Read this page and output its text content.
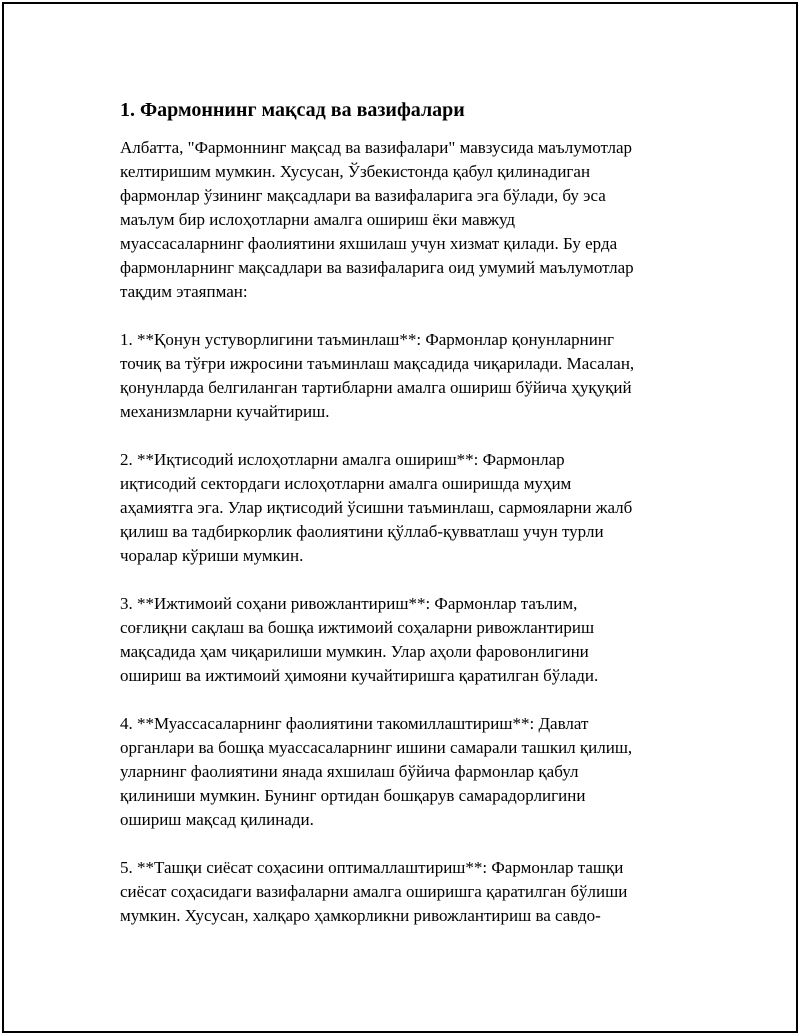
1. Фармоннинг мақсад ва вазифалари
Албатта, "Фармоннинг мақсад ва вазифалари" мавзусида маълумотлар
келтиришим мумкин. Хусусан, Ўзбекистонда қабул қилинадиган
фармонлар ўзининг мақсадлари ва вазифаларига эга бўлади, бу эса
маълум бир ислоҳотларни амалга ошириш ёки мавжуд
муассасаларнинг фаолиятини яхшилаш учун хизмат қилади. Бу ерда
фармонларнинг мақсадлари ва вазифаларига оид умумий маълумотлар
тақдим этаяпман:
1. **Қонун устуворлигини таъминлаш**: Фармонлар қонунларнинг
точиқ ва тўғри ижросини таъминлаш мақсадида чиқарилади. Масалан,
қонунларда белгиланган тартибларни амалга ошириш бўйича ҳуқуқий
механизмларни кучайтириш.
2. **Иқтисодий ислоҳотларни амалга ошириш**: Фармонлар
иқтисодий сектордаги ислоҳотларни амалга оширишда муҳим
аҳамиятга эга. Улар иқтисодий ўсишни таъминлаш, сармояларни жалб
қилиш ва тадбиркорлик фаолиятини қўллаб-қувватлаш учун турли
чоралар кўриши мумкин.
3. **Ижтимоий соҳани ривожлантириш**: Фармонлар таълим,
соғлиқни сақлаш ва бошқа ижтимоий соҳаларни ривожлантириш
мақсадида ҳам чиқарилиши мумкин. Улар аҳоли фаровонлигини
ошириш ва ижтимоий ҳимояни кучайтиришга қаратилган бўлади.
4. **Муассасаларнинг фаолиятини такомиллаштириш**: Давлат
органлари ва бошқа муассасаларнинг ишини самарали ташкил қилиш,
уларнинг фаолиятини янада яхшилаш бўйича фармонлар қабул
қилиниши мумкин. Бунинг ортидан бошқарув самарадорлигини
ошириш мақсад қилинади.
5. **Ташқи сиёсат соҳасини оптималлаштириш**: Фармонлар ташқи
сиёсат соҳасидаги вазифаларни амалга оширишга қаратилган бўлиши
мумкин. Хусусан, халқаро ҳамкорликни ривожлантириш ва савдо-
